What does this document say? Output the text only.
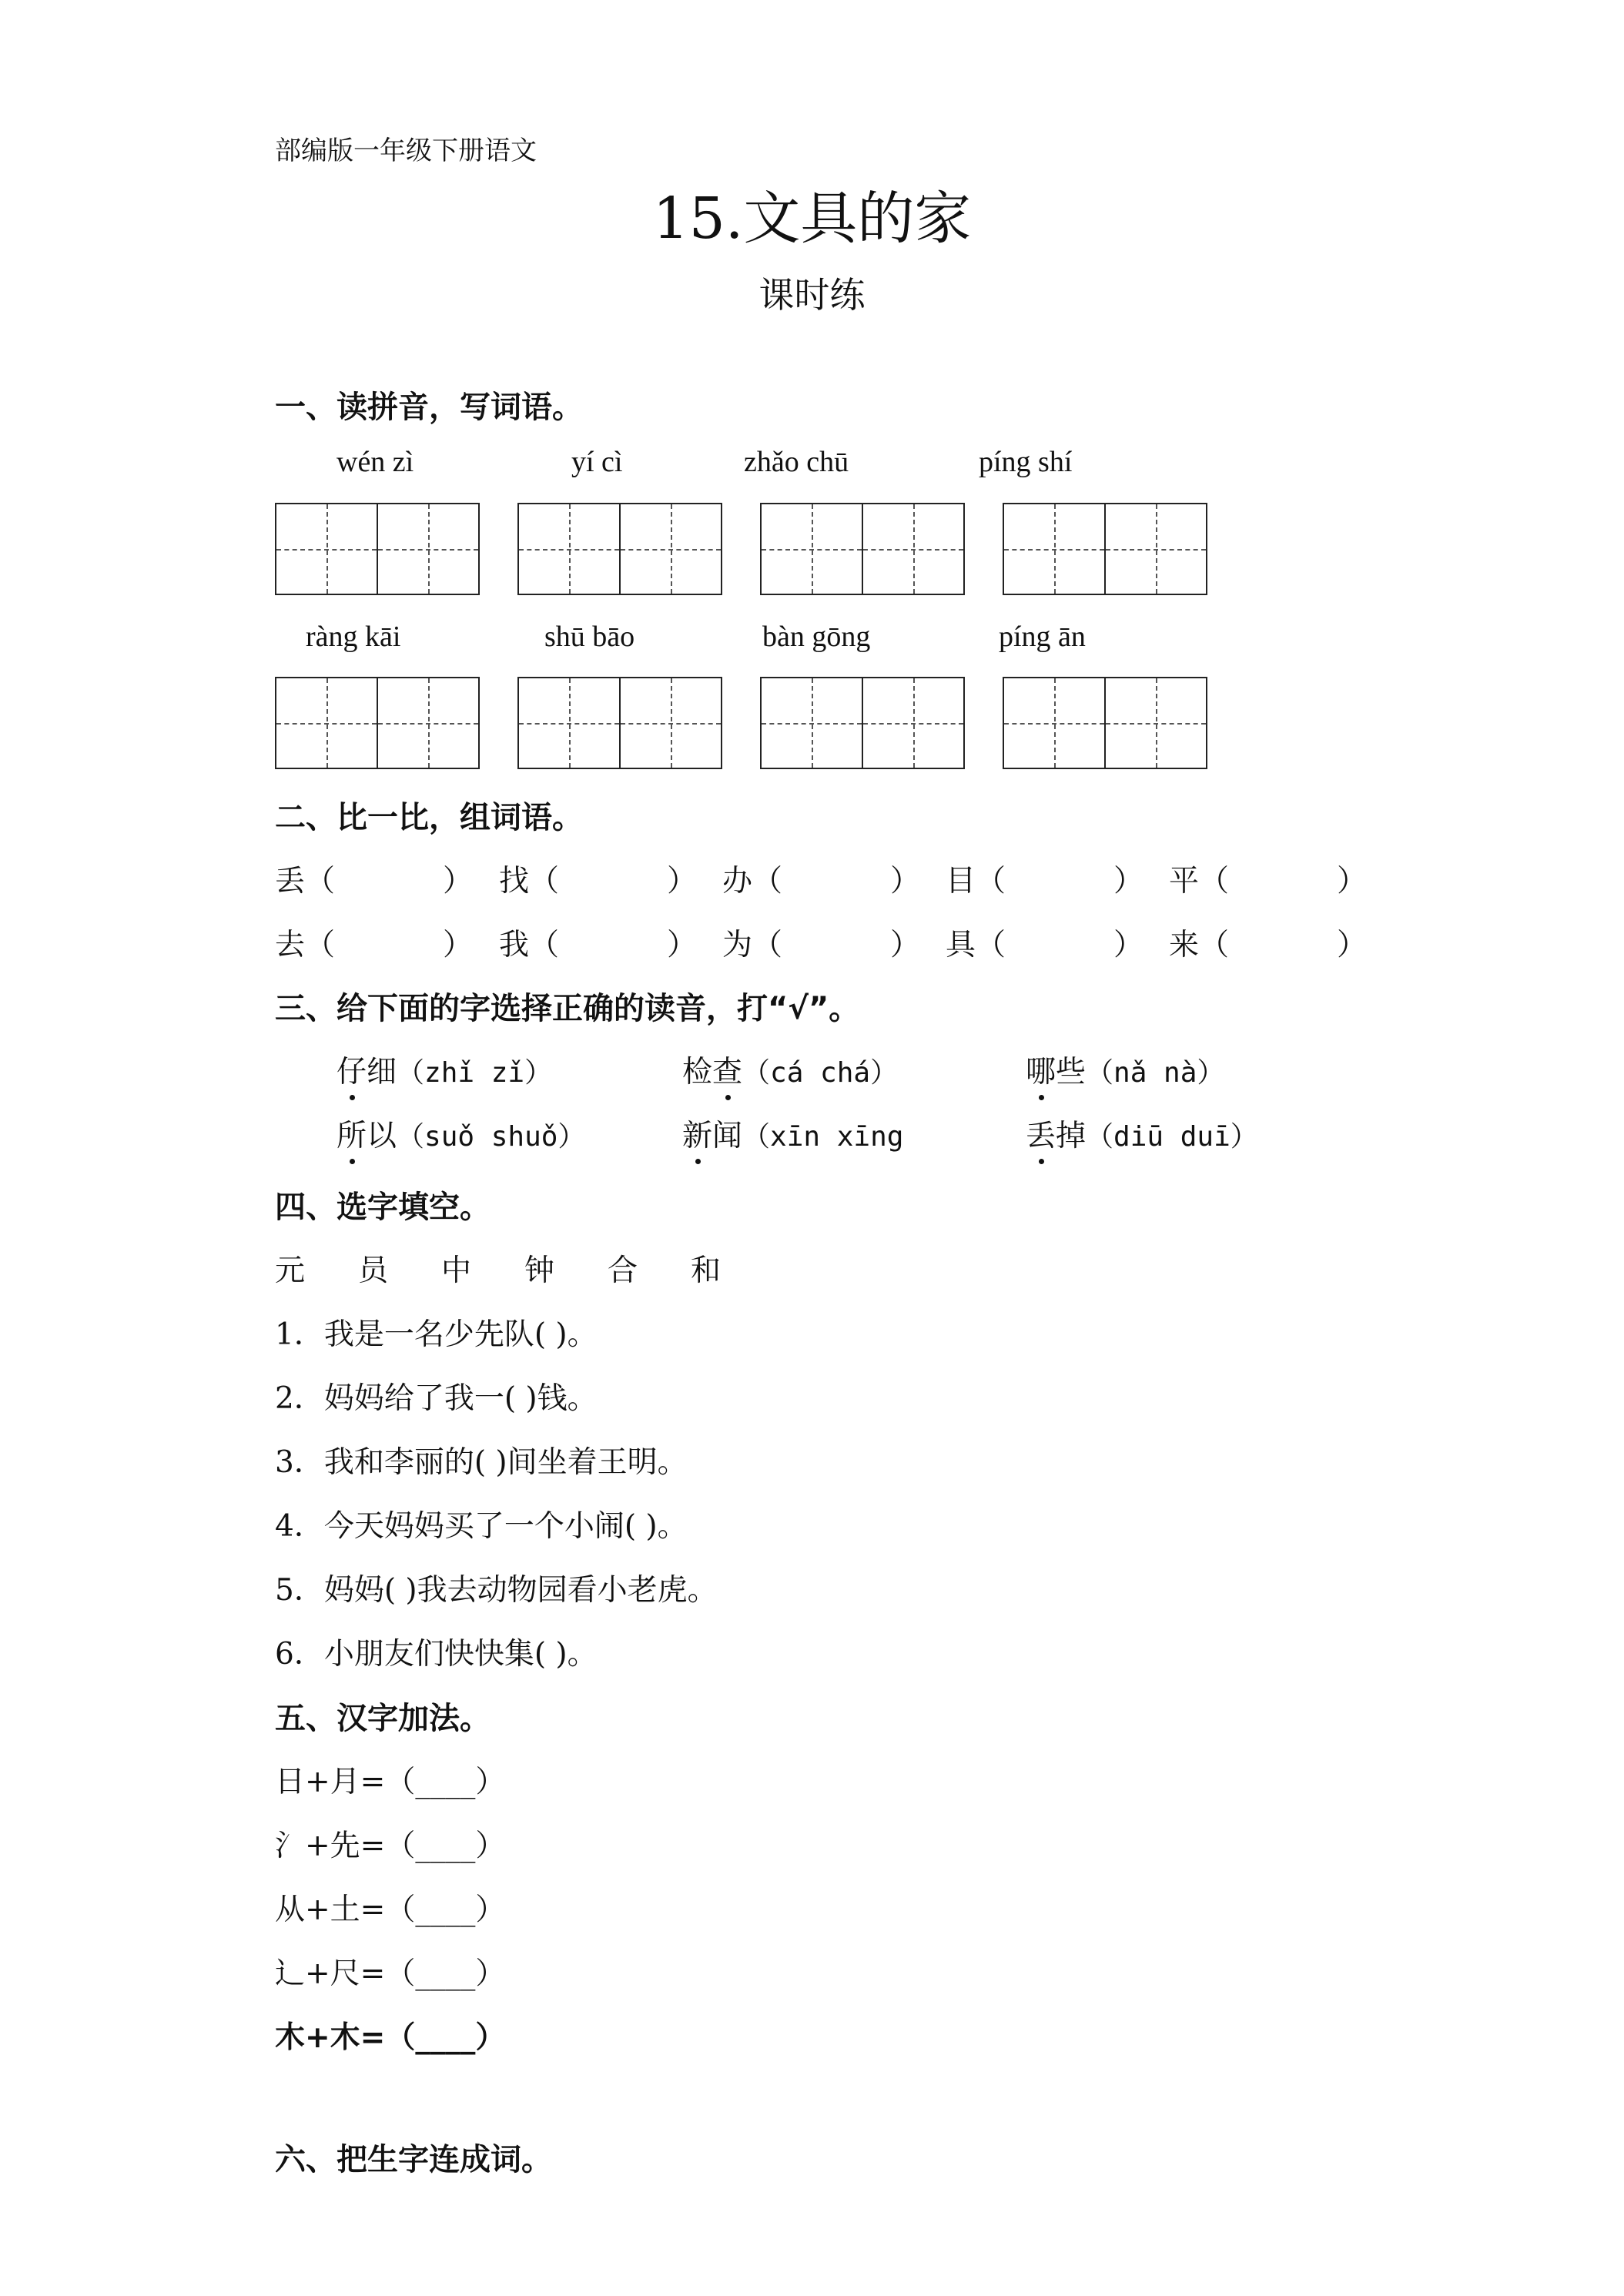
部编版一年级下册语文
15.文具的家
课时练
一、读拼音，写词语。
wén zì	yí cì	zhǎo chū	píng shí
ràng kāi	shū bāo	bàn gōng	píng ān
二、比一比，组词语。
丢（	） 找（	） 办（	） 目（	） 平（	）
去（	） 我（	） 为（	） 具（	） 来（	）
三、给下面的字选择正确的读音，打“√”。
仔细（zhǐ zǐ）	检查（cá chá）	哪些（nǎ nà）
所以（suǒ shuǒ）	新闻（xīn xīng	丢掉（diū duī）
四、选字填空。
元 员 中 钟 合 和
1．我是一名少先队( )。
2．妈妈给了我一( )钱。
3．我和李丽的( )间坐着王明。
4．今天妈妈买了一个小闹( )。
5．妈妈( )我去动物园看小老虎。
6．小朋友们快快集( )。
五、汉字加法。
日+月=（____）
氵+先=（____）
从+土=（____）
辶+尺=（____）
木+木=（____）
六、把生字连成词。
